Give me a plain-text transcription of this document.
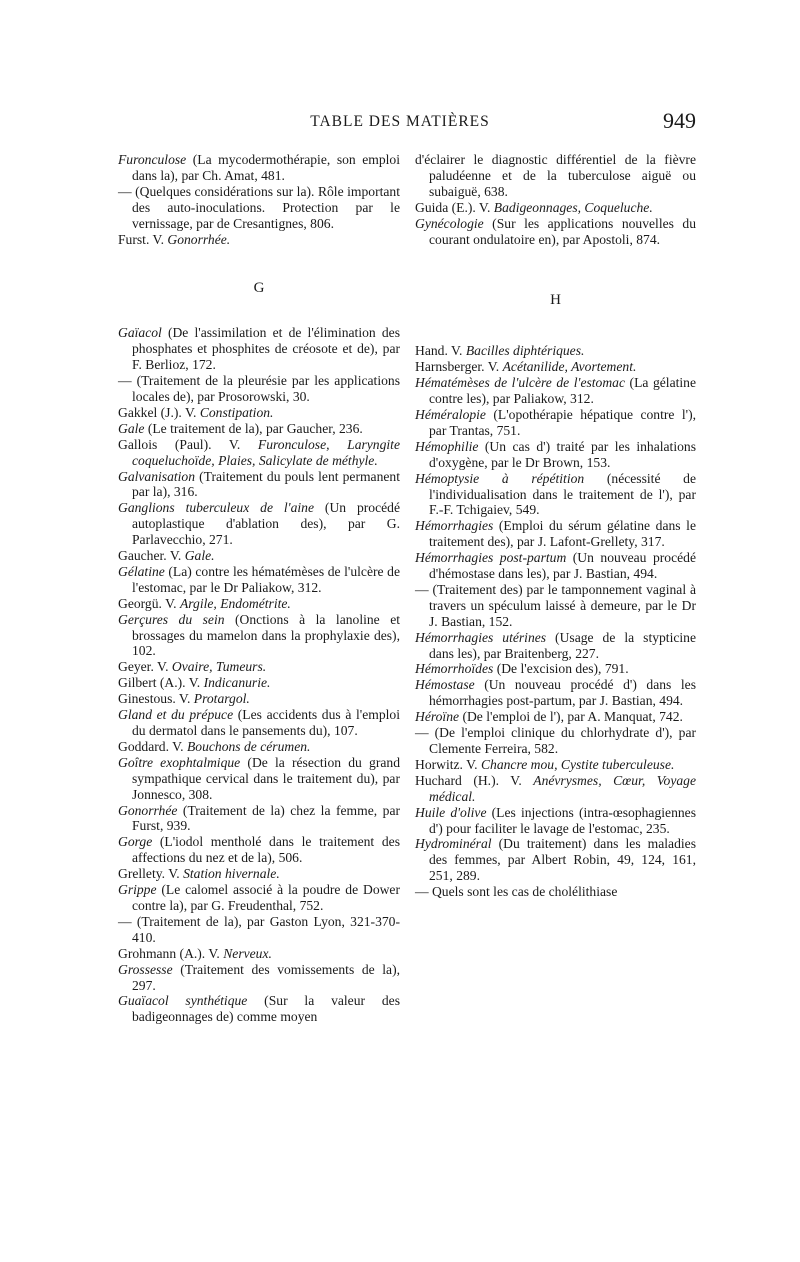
TABLE DES MATIÈRES	949

Furonculose (La mycodermothérapie, son emploi dans la), par Ch. Amat, 481.

— (Quelques considérations sur la). Rôle important des auto-inoculations. Protection par le vernissage, par de Cresantignes, 806.

Furst. V. Gonorrhée.

G

Gaïacol (De l'assimilation et de l'élimination des phosphates et phosphites de créosote et de), par F. Berlioz, 172.

— (Traitement de la pleurésie par les applications locales de), par Prosorowski, 30.

Gakkel (J.). V. Constipation.

Gale (Le traitement de la), par Gaucher, 236.

Gallois (Paul). V. Furonculose, Laryngite coqueluchoïde, Plaies, Salicylate de méthyle.

Galvanisation (Traitement du pouls lent permanent par la), 316.

Ganglions tuberculeux de l'aine (Un procédé autoplastique d'ablation des), par G. Parlavecchio, 271.

Gaucher. V. Gale.

Gélatine (La) contre les hématémèses de l'ulcère de l'estomac, par le Dr Paliakow, 312.

Georgü. V. Argile, Endométrite.

Gerçures du sein (Onctions à la lanoline et brossages du mamelon dans la prophylaxie des), 102.

Geyer. V. Ovaire, Tumeurs.

Gilbert (A.). V. Indicanurie.

Ginestous. V. Protargol.

Gland et du prépuce (Les accidents dus à l'emploi du dermatol dans le pansements du), 107.

Goddard. V. Bouchons de cérumen.

Goître exophtalmique (De la résection du grand sympathique cervical dans le traitement du), par Jonnesco, 308.

Gonorrhée (Traitement de la) chez la femme, par Furst, 939.

Gorge (L'iodol mentholé dans le traitement des affections du nez et de la), 506.

Grellety. V. Station hivernale.

Grippe (Le calomel associé à la poudre de Dower contre la), par G. Freudenthal, 752.

— (Traitement de la), par Gaston Lyon, 321-370-410.

Grohmann (A.). V. Nerveux.

Grossesse (Traitement des vomissements de la), 297.

Guaïacol synthétique (Sur la valeur des badigeonnages de) comme moyen

d'éclairer le diagnostic différentiel de la fièvre paludéenne et de la tuberculose aiguë ou subaiguë, 638.

Guida (E.). V. Badigeonnages, Coqueluche.

Gynécologie (Sur les applications nouvelles du courant ondulatoire en), par Apostoli, 874.

H

Hand. V. Bacilles diphtériques.

Harnsberger. V. Acétanilide, Avortement.

Hématémèses de l'ulcère de l'estomac (La gélatine contre les), par Paliakow, 312.

Héméralopie (L'opothérapie hépatique contre l'), par Trantas, 751.

Hémophilie (Un cas d') traité par les inhalations d'oxygène, par le Dr Brown, 153.

Hémoptysie à répétition (nécessité de l'individualisation dans le traitement de l'), par F.-F. Tchigaiev, 549.

Hémorrhagies (Emploi du sérum gélatine dans le traitement des), par J. Lafont-Grellety, 317.

Hémorrhagies post-partum (Un nouveau procédé d'hémostase dans les), par J. Bastian, 494.

— (Traitement des) par le tamponnement vaginal à travers un spéculum laissé à demeure, par le Dr J. Bastian, 152.

Hémorrhagies utérines (Usage de la stypticine dans les), par Braitenberg, 227.

Hémorrhoïdes (De l'excision des), 791.

Hémostase (Un nouveau procédé d') dans les hémorrhagies post-partum, par J. Bastian, 494.

Héroïne (De l'emploi de l'), par A. Manquat, 742.

— (De l'emploi clinique du chlorhydrate d'), par Clemente Ferreira, 582.

Horwitz. V. Chancre mou, Cystite tuberculeuse.

Huchard (H.). V. Anévrysmes, Cœur, Voyage médical.

Huile d'olive (Les injections (intra-œsophagiennes d') pour faciliter le lavage de l'estomac, 235.

Hydrominéral (Du traitement) dans les maladies des femmes, par Albert Robin, 49, 124, 161, 251, 289.

— Quels sont les cas de cholélithiase
